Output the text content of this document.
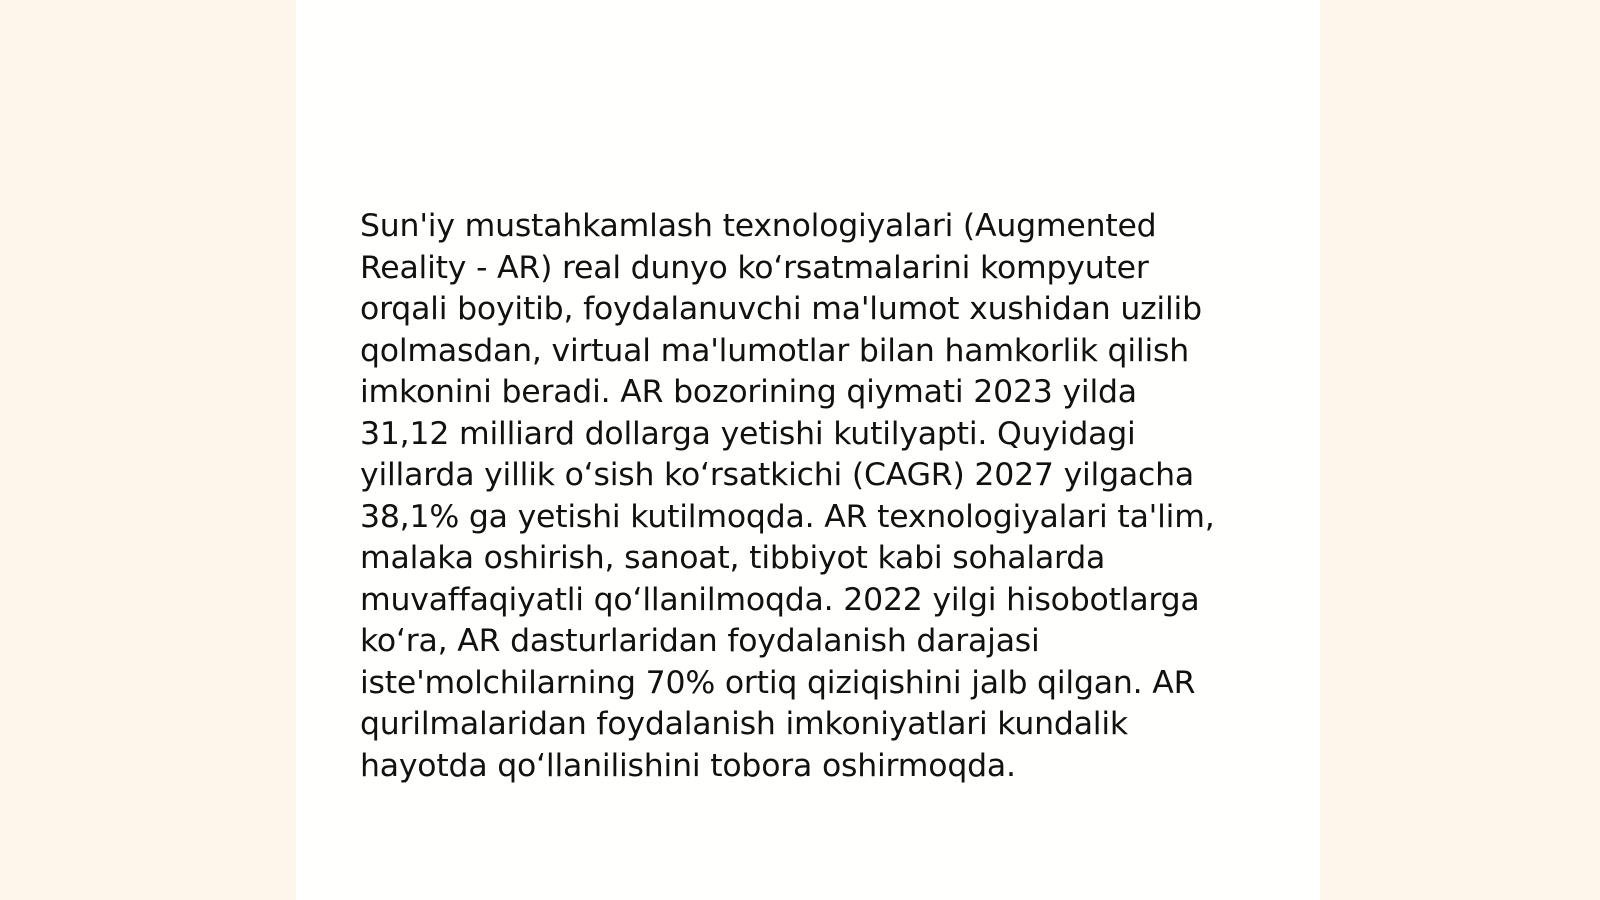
Sun'iy mustahkamlash texnologiyalari (Augmented
Reality - AR) real dunyo ko‘rsatmalarini kompyuter
orqali boyitib, foydalanuvchi ma'lumot xushidan uzilib
qolmasdan, virtual ma'lumotlar bilan hamkorlik qilish
imkonini beradi. AR bozorining qiymati 2023 yilda
31,12 milliard dollarga yetishi kutilyapti. Quyidagi
yillarda yillik o‘sish ko‘rsatkichi (CAGR) 2027 yilgacha
38,1% ga yetishi kutilmoqda. AR texnologiyalari ta'lim,
malaka oshirish, sanoat, tibbiyot kabi sohalarda
muvaffaqiyatli qo‘llanilmoqda. 2022 yilgi hisobotlarga
ko‘ra, AR dasturlaridan foydalanish darajasi
iste'molchilarning 70% ortiq qiziqishini jalb qilgan. AR
qurilmalaridan foydalanish imkoniyatlari kundalik
hayotda qo‘llanilishini tobora oshirmoqda.
